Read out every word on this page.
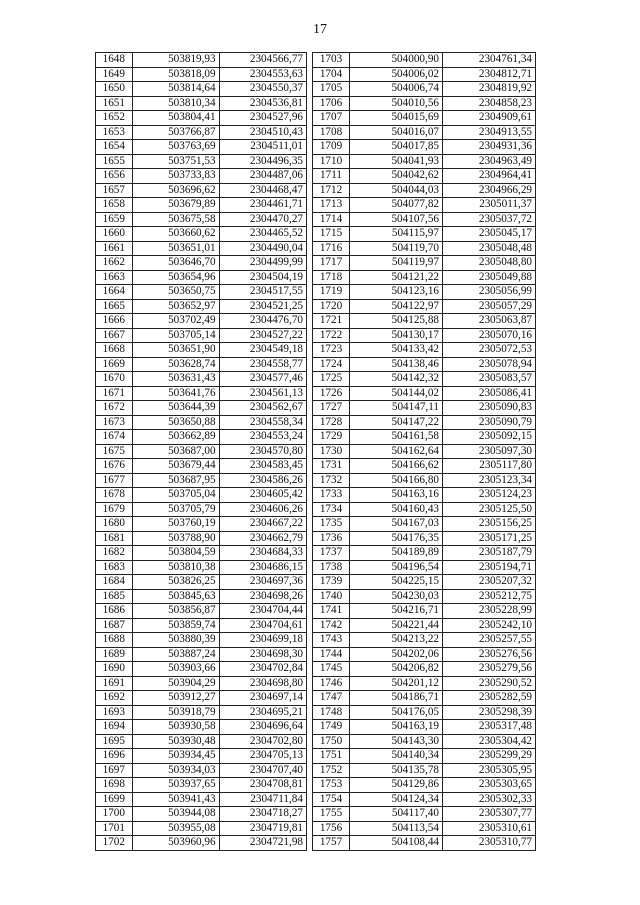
17
1648	503819,93	2304566,77
1649	503818,09	2304553,63
1650	503814,64	2304550,37
1651	503810,34	2304536,81
1652	503804,41	2304527,96
1653	503766,87	2304510,43
1654	503763,69	2304511,01
1655	503751,53	2304496,35
1656	503733,83	2304487,06
1657	503696,62	2304468,47
1658	503679,89	2304461,71
1659	503675,58	2304470,27
1660	503660,62	2304465,52
1661	503651,01	2304490,04
1662	503646,70	2304499,99
1663	503654,96	2304504,19
1664	503650,75	2304517,55
1665	503652,97	2304521,25
1666	503702,49	2304476,70
1667	503705,14	2304527,22
1668	503651,90	2304549,18
1669	503628,74	2304558,77
1670	503631,43	2304577,46
1671	503641,76	2304561,13
1672	503644,39	2304562,67
1673	503650,88	2304558,34
1674	503662,89	2304553,24
1675	503687,00	2304570,80
1676	503679,44	2304583,45
1677	503687,95	2304586,26
1678	503705,04	2304605,42
1679	503705,79	2304606,26
1680	503760,19	2304667,22
1681	503788,90	2304662,79
1682	503804,59	2304684,33
1683	503810,38	2304686,15
1684	503826,25	2304697,36
1685	503845,63	2304698,26
1686	503856,87	2304704,44
1687	503859,74	2304704,61
1688	503880,39	2304699,18
1689	503887,24	2304698,30
1690	503903,66	2304702,84
1691	503904,29	2304698,80
1692	503912,27	2304697,14
1693	503918,79	2304695,21
1694	503930,58	2304696,64
1695	503930,48	2304702,80
1696	503934,45	2304705,13
1697	503934,03	2304707,40
1698	503937,65	2304708,81
1699	503941,43	2304711,84
1700	503944,08	2304718,27
1701	503955,08	2304719,81
1702	503960,96	2304721,98
1703	504000,90	2304761,34
1704	504006,02	2304812,71
1705	504006,74	2304819,92
1706	504010,56	2304858,23
1707	504015,69	2304909,61
1708	504016,07	2304913,55
1709	504017,85	2304931,36
1710	504041,93	2304963,49
1711	504042,62	2304964,41
1712	504044,03	2304966,29
1713	504077,82	2305011,37
1714	504107,56	2305037,72
1715	504115,97	2305045,17
1716	504119,70	2305048,48
1717	504119,97	2305048,80
1718	504121,22	2305049,88
1719	504123,16	2305056,99
1720	504122,97	2305057,29
1721	504125,88	2305063,87
1722	504130,17	2305070,16
1723	504133,42	2305072,53
1724	504138,46	2305078,94
1725	504142,32	2305083,57
1726	504144,02	2305086,41
1727	504147,11	2305090,83
1728	504147,22	2305090,79
1729	504161,58	2305092,15
1730	504162,64	2305097,30
1731	504166,62	2305117,80
1732	504166,80	2305123,34
1733	504163,16	2305124,23
1734	504160,43	2305125,50
1735	504167,03	2305156,25
1736	504176,35	2305171,25
1737	504189,89	2305187,79
1738	504196,54	2305194,71
1739	504225,15	2305207,32
1740	504230,03	2305212,75
1741	504216,71	2305228,99
1742	504221,44	2305242,10
1743	504213,22	2305257,55
1744	504202,06	2305276,56
1745	504206,82	2305279,56
1746	504201,12	2305290,52
1747	504186,71	2305282,59
1748	504176,05	2305298,39
1749	504163,19	2305317,48
1750	504143,30	2305304,42
1751	504140,34	2305299,29
1752	504135,78	2305305,95
1753	504129,86	2305303,65
1754	504124,34	2305302,33
1755	504117,40	2305307,77
1756	504113,54	2305310,61
1757	504108,44	2305310,77
